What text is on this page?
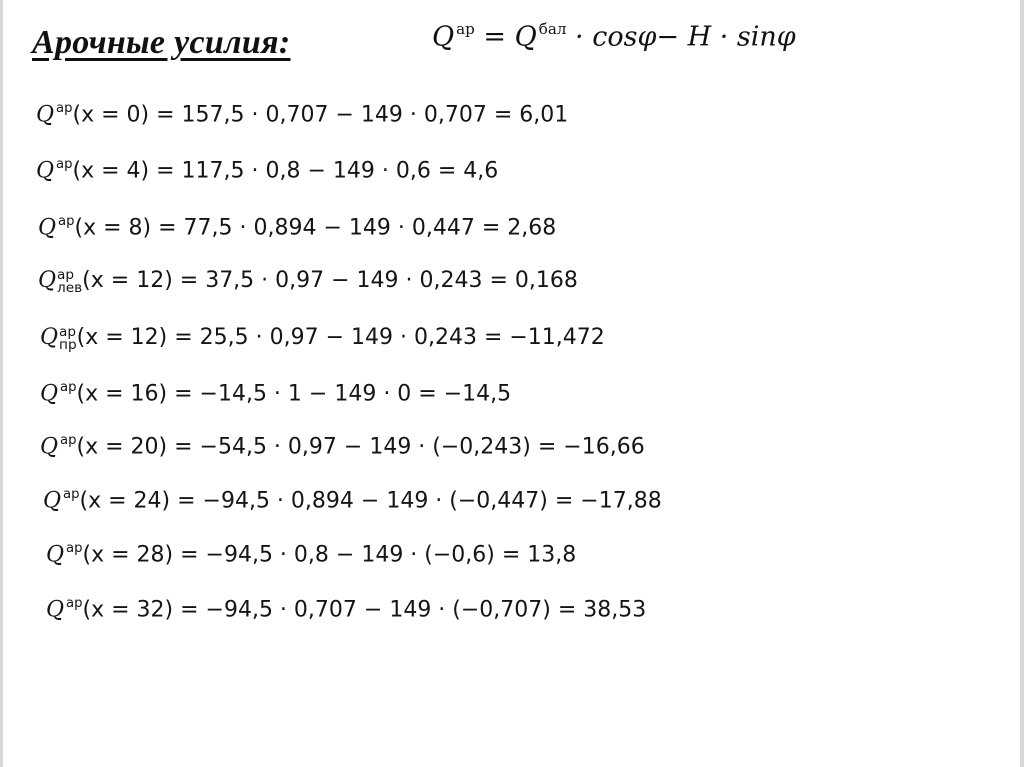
Арочные усилия:	Q $^{ар}$ = Q $^{бал}$ · cosφ− H · sinφ
Q $^{ар}$(x = 0) = 157,5 · 0,707 − 149 · 0,707 = 6,01
Q $^{ар}$(x = 4) = 117,5 · 0,8 − 149 · 0,6 = 4,6
Q $^{ар}$(x = 8) = 77,5 · 0,894 − 149 · 0,447 = 2,68
Q ар
лев (x = 12) = 37,5 · 0,97 − 149 · 0,243 = 0,168
Q ар
пр (x = 12) = 25,5 · 0,97 − 149 · 0,243 = −11,472
Q $^{ар}$(x = 16) = −14,5 · 1 − 149 · 0 = −14,5
Q $^{ар}$(x = 20) = −54,5 · 0,97 − 149 · (−0,243) = −16,66
Q $^{ар}$(x = 24) = −94,5 · 0,894 − 149 · (−0,447) = −17,88
Q $^{ар}$(x = 28) = −94,5 · 0,8 − 149 · (−0,6) = 13,8
Q $^{ар}$(x = 32) = −94,5 · 0,707 − 149 · (−0,707) = 38,53
